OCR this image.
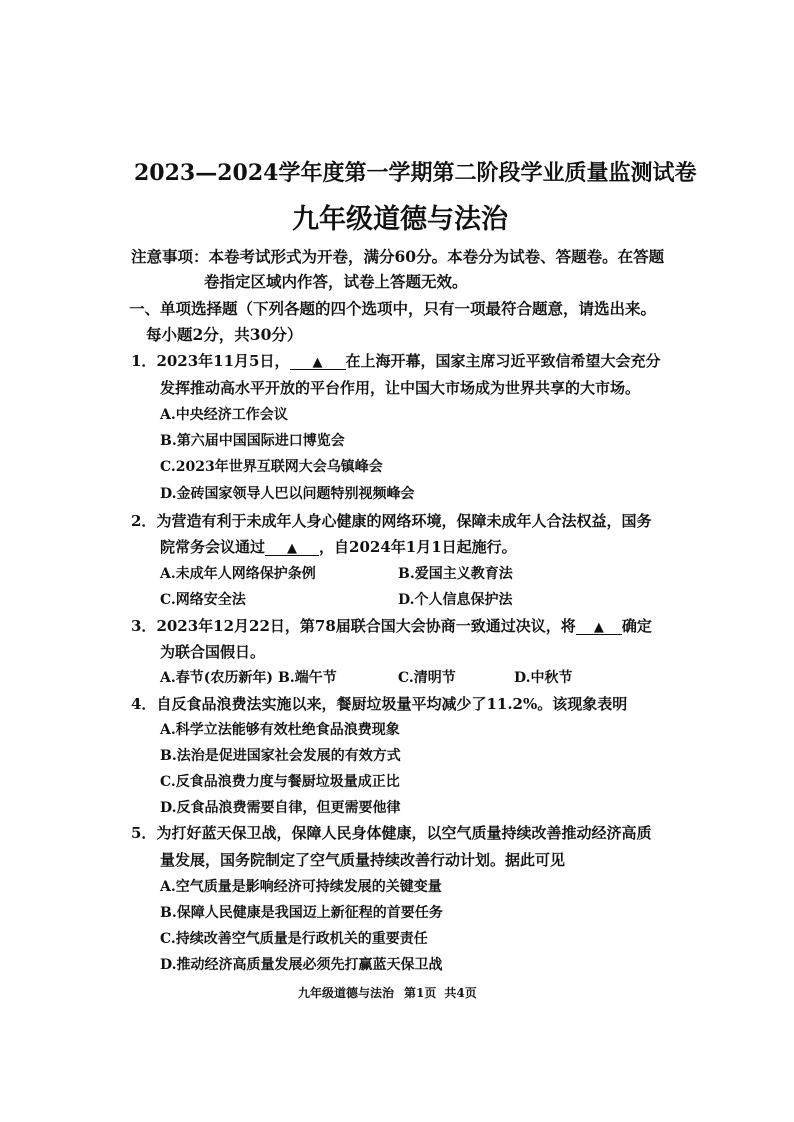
2023—2024学年度第一学期第二阶段学业质量监测试卷
九年级道德与法治
注意事项：本卷考试形式为开卷，满分60分。本卷分为试卷、答题卷。在答题
卷指定区域内作答，试卷上答题无效。
一、单项选择题（下列各题的四个选项中，只有一项最符合题意，请选出来。
每小题2分，共30分）
1．2023年11月5日， ▲ 在上海开幕，国家主席习近平致信希望大会充分
发挥推动高水平开放的平台作用，让中国大市场成为世界共享的大市场。
A.中央经济工作会议
B.第六届中国国际进口博览会
C.2023年世界互联网大会乌镇峰会
D.金砖国家领导人巴以问题特别视频峰会
2．为营造有利于未成年人身心健康的网络环境，保障未成年人合法权益，国务
院常务会议通过 ▲ ，自2024年1月1日起施行。
A.未成年人网络保护条例	B.爱国主义教育法
C.网络安全法	D.个人信息保护法
3．2023年12月22日，第78届联合国大会协商一致通过决议，将 ▲ 确定
为联合国假日。
A.春节(农历新年) B.端午节	C.清明节	D.中秋节
4．自反食品浪费法实施以来，餐厨垃圾量平均减少了11.2%。该现象表明
A.科学立法能够有效杜绝食品浪费现象
B.法治是促进国家社会发展的有效方式
C.反食品浪费力度与餐厨垃圾量成正比
D.反食品浪费需要自律，但更需要他律
5．为打好蓝天保卫战，保障人民身体健康，以空气质量持续改善推动经济高质
量发展，国务院制定了空气质量持续改善行动计划。据此可见
A.空气质量是影响经济可持续发展的关键变量
B.保障人民健康是我国迈上新征程的首要任务
C.持续改善空气质量是行政机关的重要责任
D.推动经济高质量发展必须先打赢蓝天保卫战
九年级道德与法治 第1页 共4页
